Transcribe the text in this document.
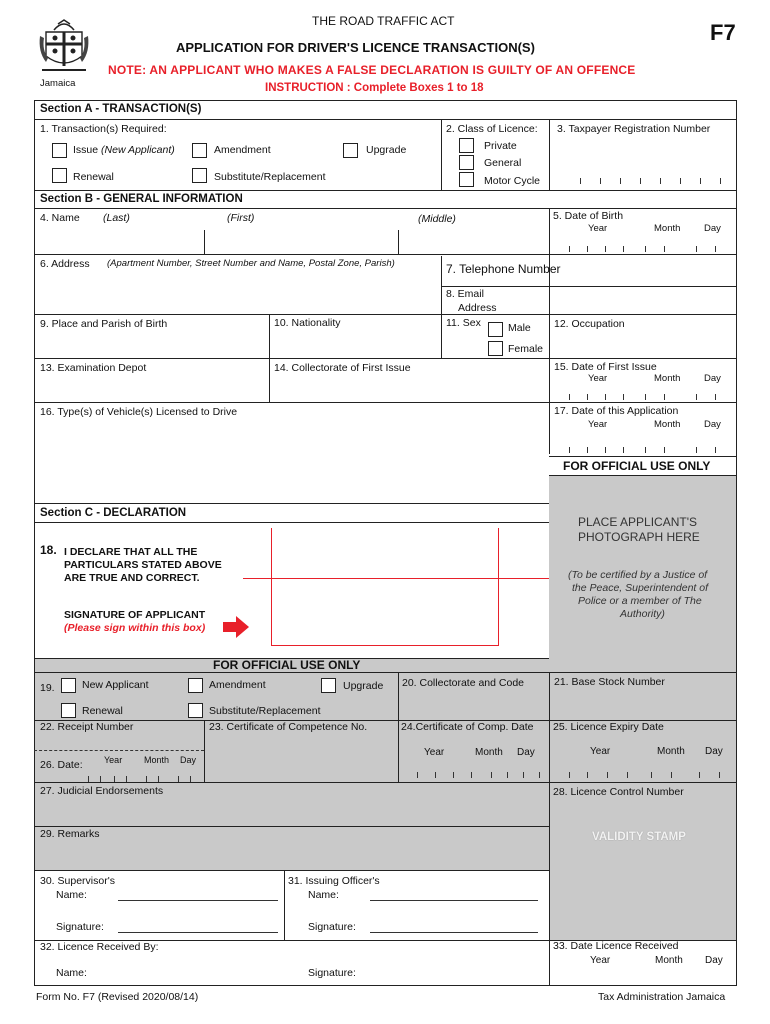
Jamaica
THE ROAD TRAFFIC ACT	F7
APPLICATION FOR DRIVER'S LICENCE TRANSACTION(S)
NOTE: AN APPLICANT WHO MAKES A FALSE DECLARATION IS GUILTY OF AN OFFENCE
INSTRUCTION : Complete Boxes 1 to 18
Section A - TRANSACTION(S)
1. Transaction(s) Required:
Issue (New Applicant)	Amendment	Upgrade
Renewal	Substitute/Replacement
2. Class of Licence:
Private
General
Motor Cycle
3. Taxpayer Registration Number
Section B - GENERAL INFORMATION
4. Name (Last)	(First)	(Middle)	5. Date of Birth
Year	Month Day
6. Address (Apartment Number, Street Number and Name, Postal Zone, Parish)	7. Telephone Number
8. Email
Address
9. Place and Parish of Birth	10. Nationality	11. Sex	Male
Female
12. Occupation
13. Examination Depot	14. Collectorate of First Issue	15. Date of First Issue
Year	Month Day
16. Type(s) of Vehicle(s) Licensed to Drive	17. Date of this Application
Year	Month Day
FOR OFFICIAL USE ONLY
PLACE APPLICANT'S
PHOTOGRAPH HERE
(To be certified by a Justice of
the Peace, Superintendent of
Police or a member of The
Authority)
Section C - DECLARATION
18. I DECLARE THAT ALL THE
PARTICULARS STATED ABOVE
ARE TRUE AND CORRECT.
SIGNATURE OF APPLICANT
(Please sign within this box)
FOR OFFICIAL USE ONLY
19.	New Applicant	Amendment	Upgrade
Renewal	Substitute/Replacement
20. Collectorate and Code	21. Base Stock Number
22. Receipt Number
26. Date: Year Month Day
23. Certificate of Competence No.	24.Certificate of Comp. Date
Year	Month Day
25. Licence Expiry Date
Year	Month Day
27. Judicial Endorsements	28. Licence Control Number
29. Remarks	VALIDITY STAMP
30. Supervisor's
Name:
Signature:
31. Issuing Officer's
Name:
Signature:
32. Licence Received By:
Name:	Signature:
33. Date Licence Received
Year	Month Day
Form No. F7 (Revised 2020/08/14)	Tax Administration Jamaica
